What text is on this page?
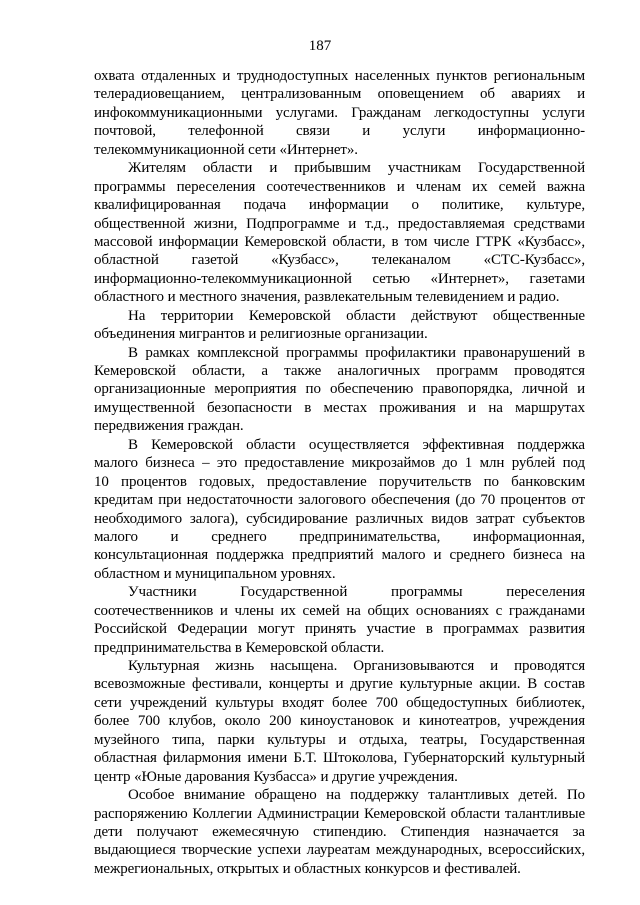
187
охвата отдаленных и труднодоступных населенных пунктов региональным
телерадиовещанием, централизованным оповещением об авариях и
инфокоммуникационными услугами. Гражданам легкодоступны услуги
почтовой, телефонной связи и услуги информационно-
телекоммуникационной сети «Интернет».
Жителям области и прибывшим участникам Государственной
программы переселения соотечественников и членам их семей важна
квалифицированная подача информации о политике, культуре,
общественной жизни, Подпрограмме и т.д., предоставляемая средствами
массовой информации Кемеровской области, в том числе ГТРК «Кузбасс»,
областной газетой «Кузбасс», телеканалом «СТС-Кузбасс»,
информационно-телекоммуникационной сетью «Интернет», газетами
областного и местного значения, развлекательным телевидением и радио.
На территории Кемеровской области действуют общественные
объединения мигрантов и религиозные организации.
В рамках комплексной программы профилактики правонарушений в
Кемеровской области, а также аналогичных программ проводятся
организационные мероприятия по обеспечению правопорядка, личной и
имущественной безопасности в местах проживания и на маршрутах
передвижения граждан.
В Кемеровской области осуществляется эффективная поддержка
малого бизнеса – это предоставление микрозаймов до 1 млн рублей под
10 процентов годовых, предоставление поручительств по банковским
кредитам при недостаточности залогового обеспечения (до 70 процентов от
необходимого залога), субсидирование различных видов затрат субъектов
малого и среднего предпринимательства, информационная,
консультационная поддержка предприятий малого и среднего бизнеса на
областном и муниципальном уровнях.
Участники Государственной программы переселения
соотечественников и члены их семей на общих основаниях с гражданами
Российской Федерации могут принять участие в программах развития
предпринимательства в Кемеровской области.
Культурная жизнь насыщена. Организовываются и проводятся
всевозможные фестивали, концерты и другие культурные акции. В состав
сети учреждений культуры входят более 700 общедоступных библиотек,
более 700 клубов, около 200 киноустановок и кинотеатров, учреждения
музейного типа, парки культуры и отдыха, театры, Государственная
областная филармония имени Б.Т. Штоколова, Губернаторский культурный
центр «Юные дарования Кузбасса» и другие учреждения.
Особое внимание обращено на поддержку талантливых детей. По
распоряжению Коллегии Администрации Кемеровской области талантливые
дети получают ежемесячную стипендию. Стипендия назначается за
выдающиеся творческие успехи лауреатам международных, всероссийских,
межрегиональных, открытых и областных конкурсов и фестивалей.
